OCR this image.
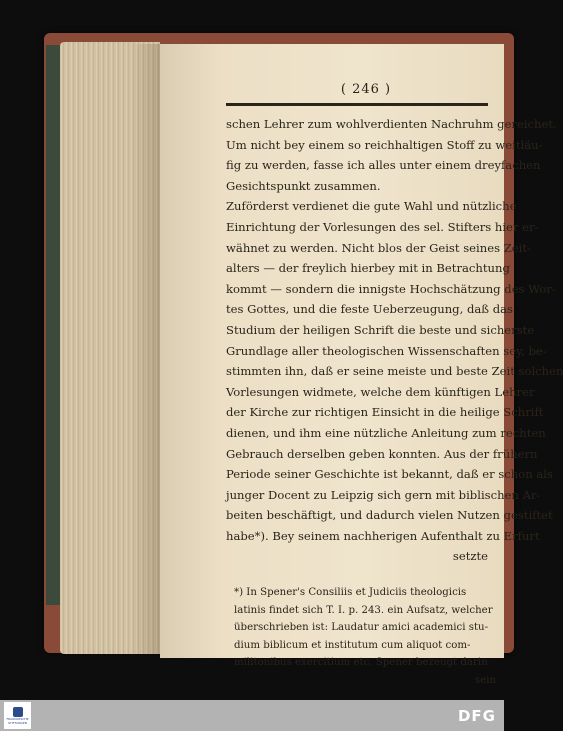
( 246 )
schen Lehrer zum wohlverdienten Nachruhm gereichet.
Um nicht bey einem so reichhaltigen Stoff zu weitläu-
fig zu werden, fasse ich alles unter einem dreyfachen
Gesichtspunkt zusammen.
Zuförderst verdienet die gute Wahl und nützliche
Einrichtung der Vorlesungen des sel. Stifters hier er-
wähnet zu werden. Nicht blos der Geist seines Zeit-
alters — der freylich hierbey mit in Betrachtung
kommt — sondern die innigste Hochschätzung des Wor-
tes Gottes, und die feste Ueberzeugung, daß das
Studium der heiligen Schrift die beste und sicherste
Grundlage aller theologischen Wissenschaften sey, be-
stimmten ihn, daß er seine meiste und beste Zeit solchen
Vorlesungen widmete, welche dem künftigen Lehrer
der Kirche zur richtigen Einsicht in die heilige Schrift
dienen, und ihm eine nützliche Anleitung zum rechten
Gebrauch derselben geben konnten. Aus der frühern
Periode seiner Geschichte ist bekannt, daß er schon als
junger Docent zu Leipzig sich gern mit biblischen Ar-
beiten beschäftigt, und dadurch vielen Nutzen gestiftet
habe*). Bey seinem nachherigen Aufenthalt zu Erfurt
setzte
*) In Spener's Consiliis et Judiciis theologicis
latinis findet sich T. I. p. 243. ein Aufsatz, welcher
überschrieben ist: Laudatur amici academici stu-
dium biblicum et institutum cum aliquot com-
militonibus exercitium etc. Spener bezeugt darin
sein
FRANCKESCHE STIFTUNGEN	DFG
